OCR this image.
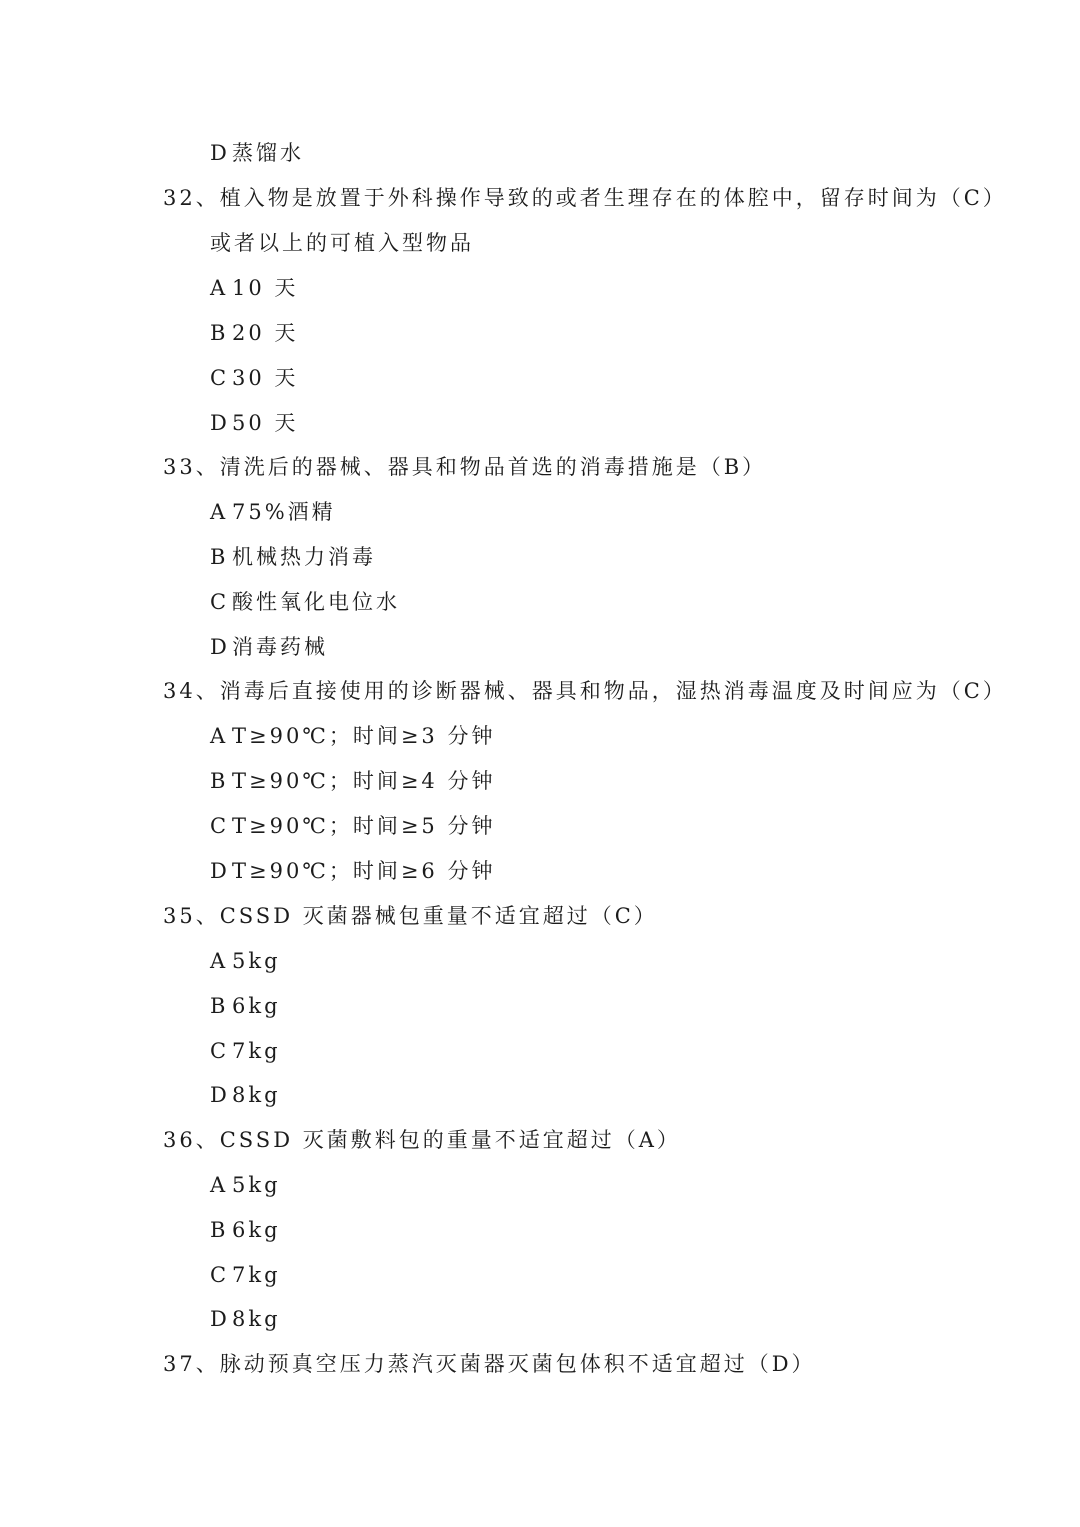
D 蒸馏水
32、植入物是放置于外科操作导致的或者生理存在的体腔中，留存时间为（C）
或者以上的可植入型物品
A 10 天
B 20 天
C 30 天
D 50 天
33、清洗后的器械、器具和物品首选的消毒措施是（B）
A 75%酒精
B 机械热力消毒
C 酸性氧化电位水
D 消毒药械
34、消毒后直接使用的诊断器械、器具和物品，湿热消毒温度及时间应为（C）
A T≥90℃；时间≥3 分钟
B T≥90℃；时间≥4 分钟
C T≥90℃；时间≥5 分钟
D T≥90℃；时间≥6 分钟
35、CSSD 灭菌器械包重量不适宜超过（C）
A 5kg
B 6kg
C 7kg
D 8kg
36、CSSD 灭菌敷料包的重量不适宜超过（A）
A 5kg
B 6kg
C 7kg
D 8kg
37、脉动预真空压力蒸汽灭菌器灭菌包体积不适宜超过（D）
